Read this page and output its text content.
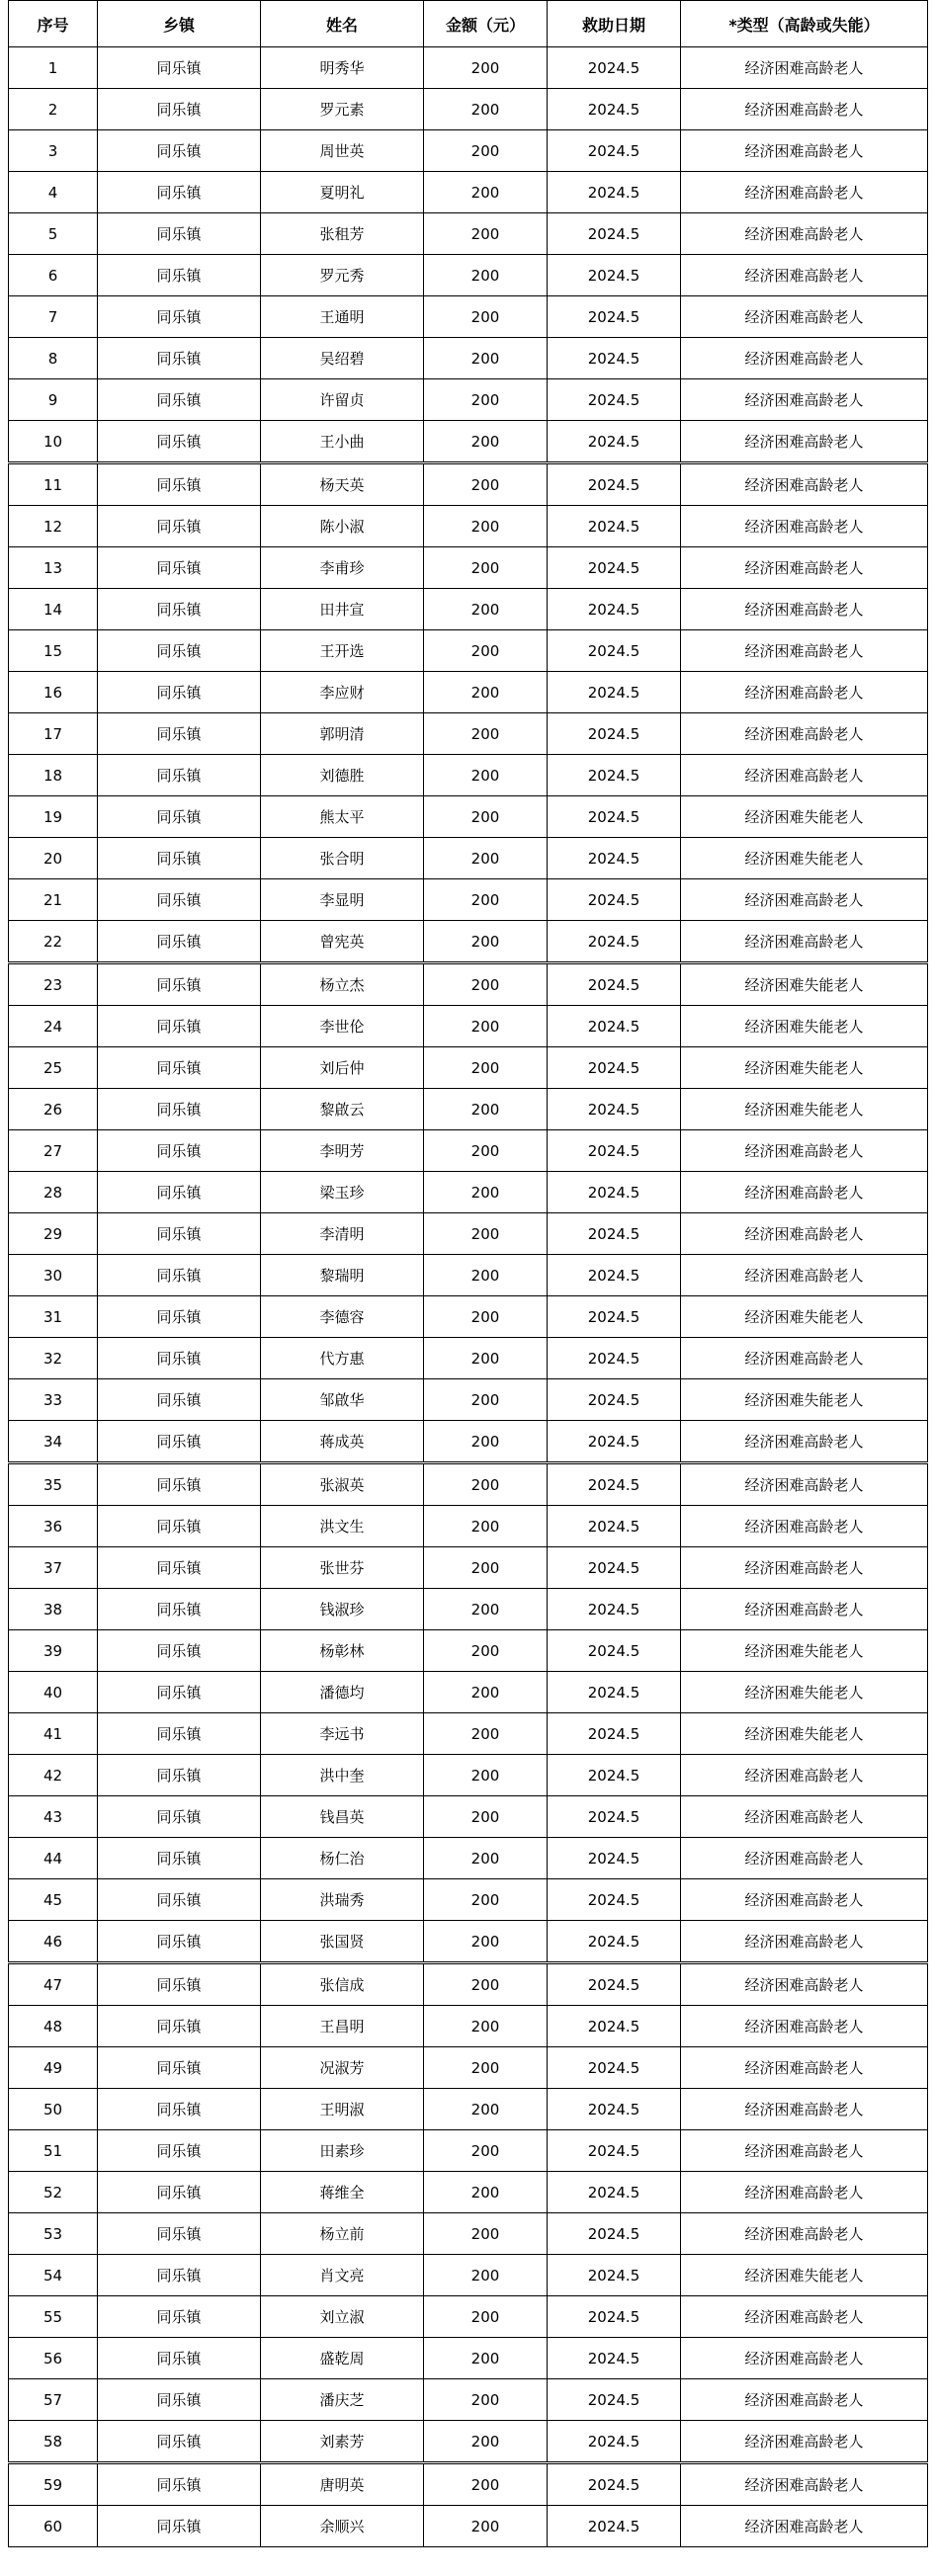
序号	乡镇	姓名	金额（元）	救助日期	*类型（高龄或失能）
1	同乐镇	明秀华	200	2024.5	经济困难高龄老人
2	同乐镇	罗元素	200	2024.5	经济困难高龄老人
3	同乐镇	周世英	200	2024.5	经济困难高龄老人
4	同乐镇	夏明礼	200	2024.5	经济困难高龄老人
5	同乐镇	张租芳	200	2024.5	经济困难高龄老人
6	同乐镇	罗元秀	200	2024.5	经济困难高龄老人
7	同乐镇	王通明	200	2024.5	经济困难高龄老人
8	同乐镇	吴绍碧	200	2024.5	经济困难高龄老人
9	同乐镇	许留贞	200	2024.5	经济困难高龄老人
10	同乐镇	王小曲	200	2024.5	经济困难高龄老人
11	同乐镇	杨天英	200	2024.5	经济困难高龄老人
12	同乐镇	陈小淑	200	2024.5	经济困难高龄老人
13	同乐镇	李甫珍	200	2024.5	经济困难高龄老人
14	同乐镇	田井宣	200	2024.5	经济困难高龄老人
15	同乐镇	王开选	200	2024.5	经济困难高龄老人
16	同乐镇	李应财	200	2024.5	经济困难高龄老人
17	同乐镇	郭明清	200	2024.5	经济困难高龄老人
18	同乐镇	刘德胜	200	2024.5	经济困难高龄老人
19	同乐镇	熊太平	200	2024.5	经济困难失能老人
20	同乐镇	张合明	200	2024.5	经济困难失能老人
21	同乐镇	李显明	200	2024.5	经济困难高龄老人
22	同乐镇	曾宪英	200	2024.5	经济困难高龄老人
23	同乐镇	杨立杰	200	2024.5	经济困难失能老人
24	同乐镇	李世伦	200	2024.5	经济困难失能老人
25	同乐镇	刘后仲	200	2024.5	经济困难失能老人
26	同乐镇	黎啟云	200	2024.5	经济困难失能老人
27	同乐镇	李明芳	200	2024.5	经济困难高龄老人
28	同乐镇	梁玉珍	200	2024.5	经济困难高龄老人
29	同乐镇	李清明	200	2024.5	经济困难高龄老人
30	同乐镇	黎瑞明	200	2024.5	经济困难高龄老人
31	同乐镇	李德容	200	2024.5	经济困难失能老人
32	同乐镇	代方惠	200	2024.5	经济困难高龄老人
33	同乐镇	邹啟华	200	2024.5	经济困难失能老人
34	同乐镇	蒋成英	200	2024.5	经济困难高龄老人
35	同乐镇	张淑英	200	2024.5	经济困难高龄老人
36	同乐镇	洪文生	200	2024.5	经济困难高龄老人
37	同乐镇	张世芬	200	2024.5	经济困难高龄老人
38	同乐镇	钱淑珍	200	2024.5	经济困难高龄老人
39	同乐镇	杨彰林	200	2024.5	经济困难失能老人
40	同乐镇	潘德均	200	2024.5	经济困难失能老人
41	同乐镇	李远书	200	2024.5	经济困难失能老人
42	同乐镇	洪中奎	200	2024.5	经济困难高龄老人
43	同乐镇	钱昌英	200	2024.5	经济困难高龄老人
44	同乐镇	杨仁治	200	2024.5	经济困难高龄老人
45	同乐镇	洪瑞秀	200	2024.5	经济困难高龄老人
46	同乐镇	张国贤	200	2024.5	经济困难高龄老人
47	同乐镇	张信成	200	2024.5	经济困难高龄老人
48	同乐镇	王昌明	200	2024.5	经济困难高龄老人
49	同乐镇	况淑芳	200	2024.5	经济困难高龄老人
50	同乐镇	王明淑	200	2024.5	经济困难高龄老人
51	同乐镇	田素珍	200	2024.5	经济困难高龄老人
52	同乐镇	蒋维全	200	2024.5	经济困难高龄老人
53	同乐镇	杨立前	200	2024.5	经济困难高龄老人
54	同乐镇	肖文亮	200	2024.5	经济困难失能老人
55	同乐镇	刘立淑	200	2024.5	经济困难高龄老人
56	同乐镇	盛乾周	200	2024.5	经济困难高龄老人
57	同乐镇	潘庆芝	200	2024.5	经济困难高龄老人
58	同乐镇	刘素芳	200	2024.5	经济困难高龄老人
59	同乐镇	唐明英	200	2024.5	经济困难高龄老人
60	同乐镇	余顺兴	200	2024.5	经济困难高龄老人
